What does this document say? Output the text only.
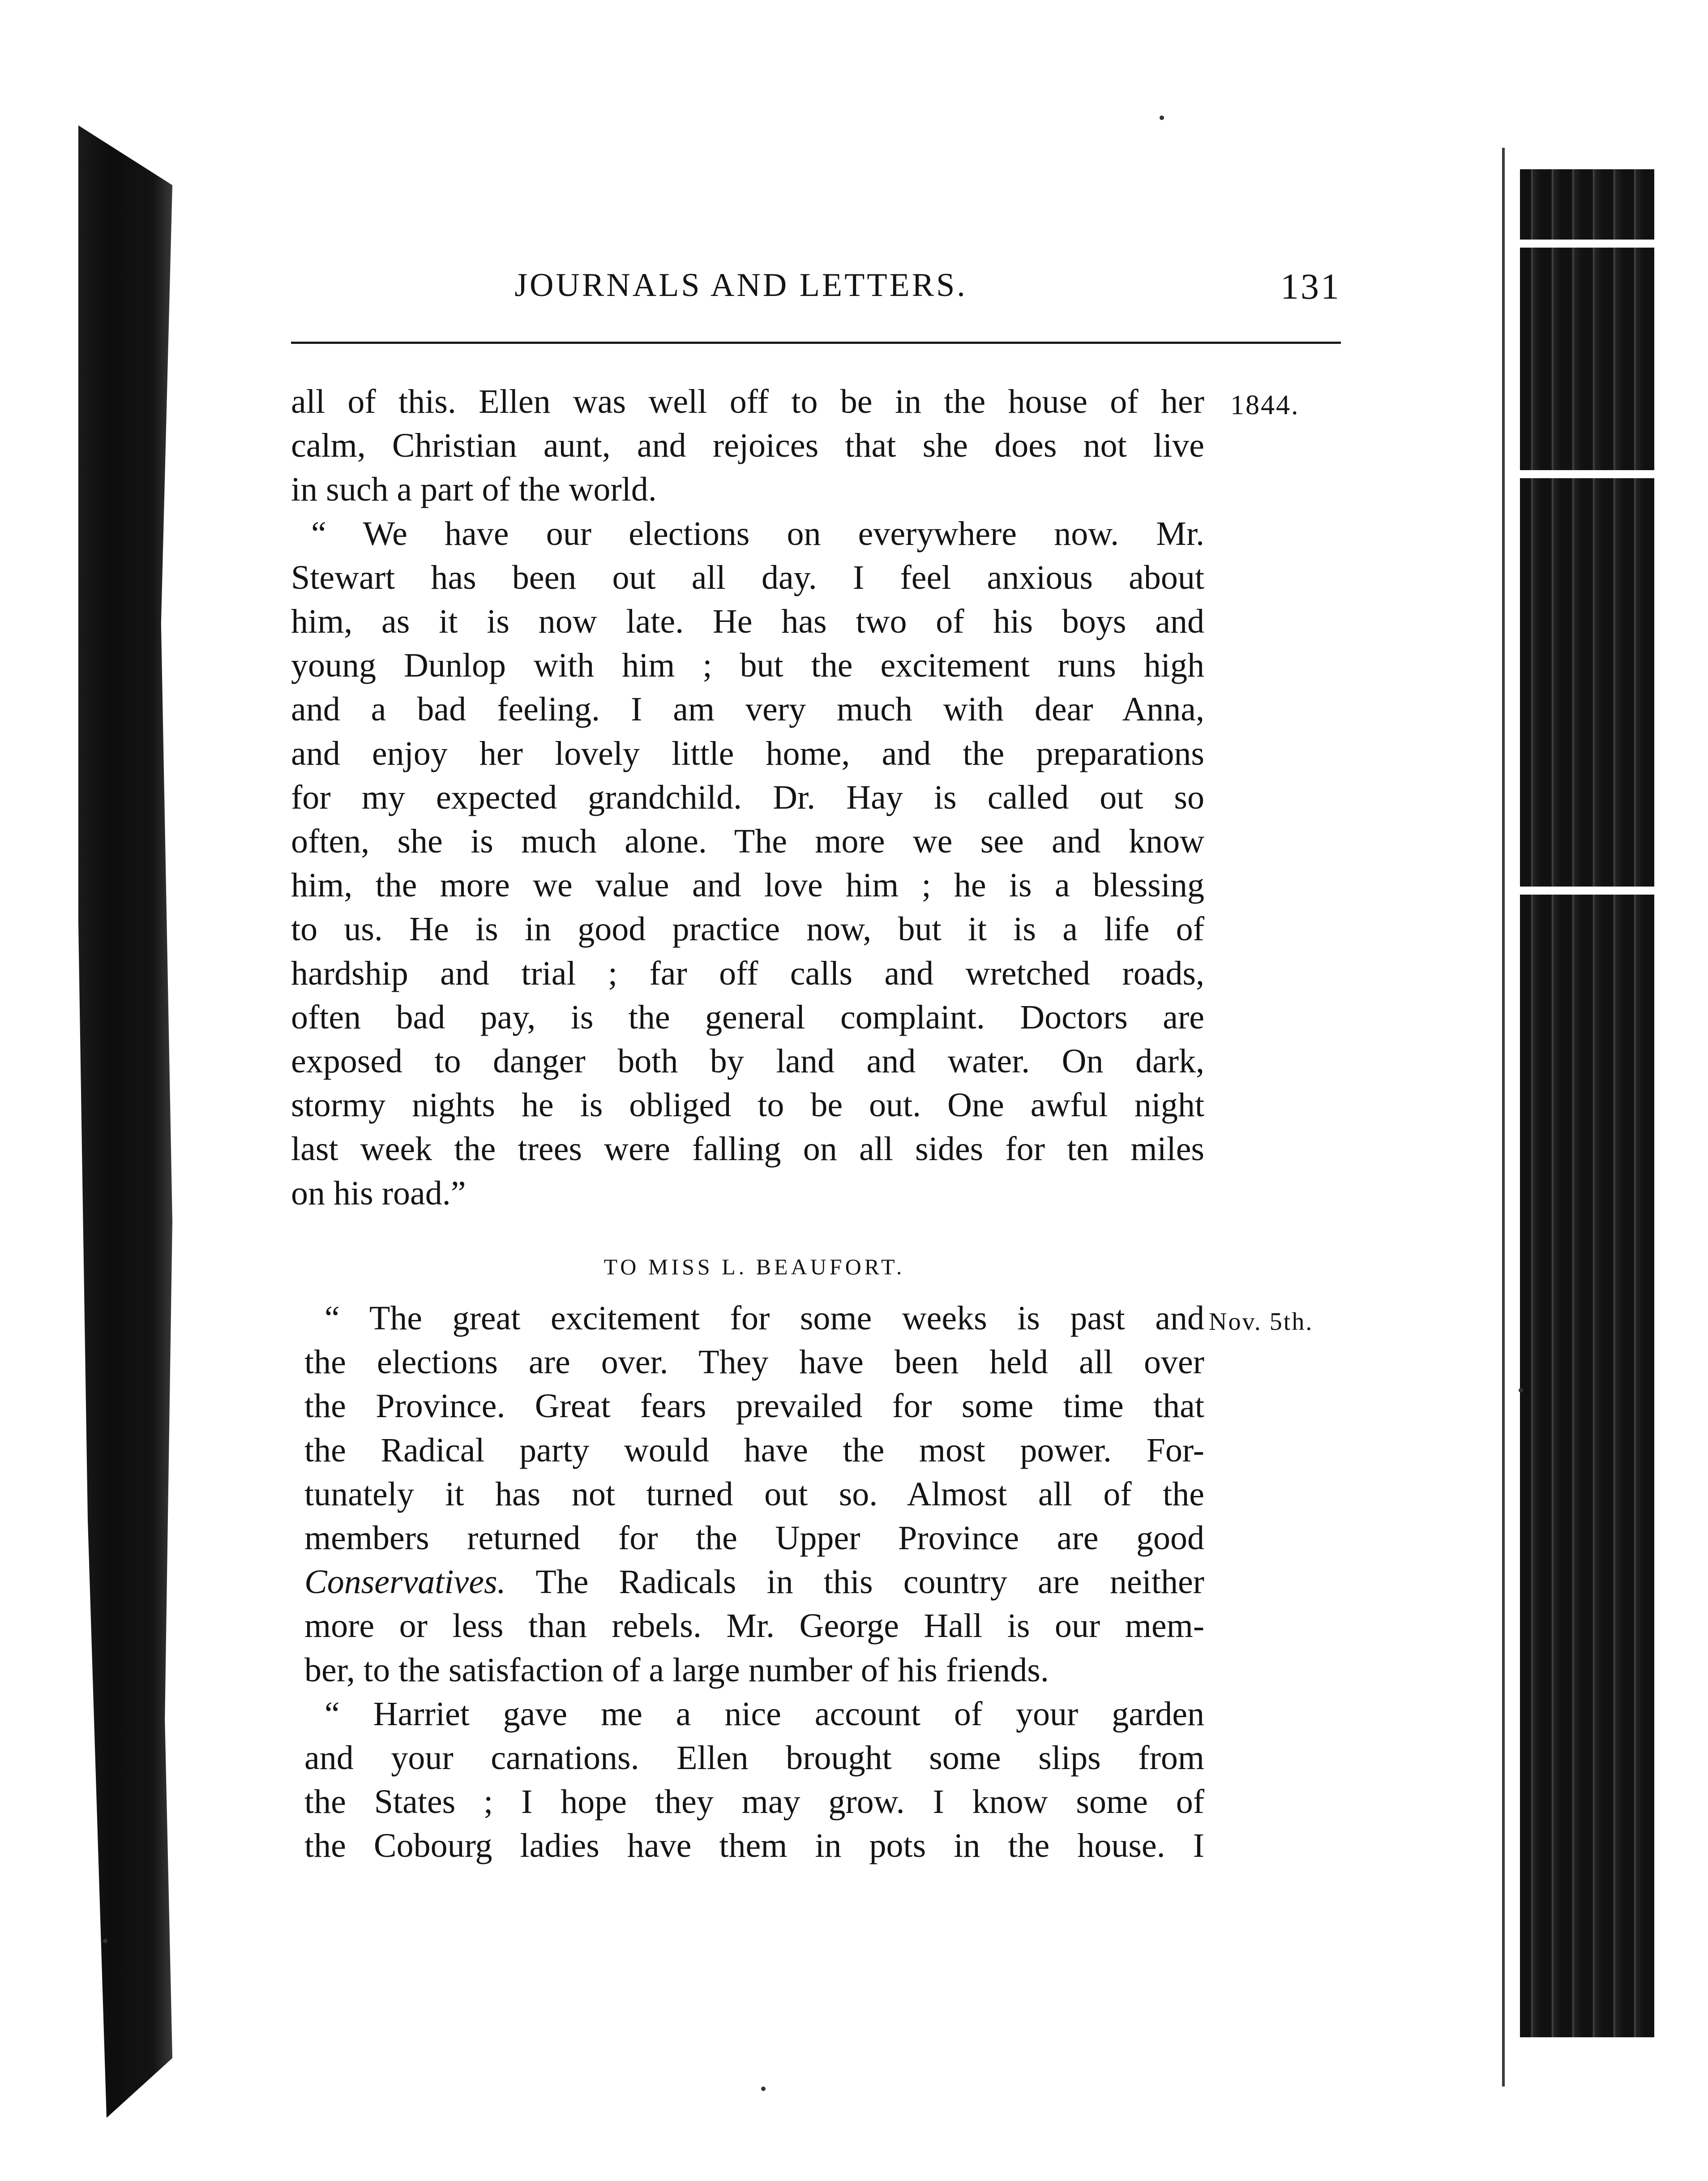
JOURNALS AND LETTERS.	131
1844.
Nov. 5th.
all of this. Ellen was well off to be in the house of her
calm, Christian aunt, and rejoices that she does not live
in such a part of the world.
“ We have our elections on everywhere now. Mr.
Stewart has been out all day. I feel anxious about
him, as it is now late. He has two of his boys and
young Dunlop with him ; but the excitement runs high
and a bad feeling. I am very much with dear Anna,
and enjoy her lovely little home, and the preparations
for my expected grandchild. Dr. Hay is called out so
often, she is much alone. The more we see and know
him, the more we value and love him ; he is a blessing
to us. He is in good practice now, but it is a life of
hardship and trial ; far off calls and wretched roads,
often bad pay, is the general complaint. Doctors are
exposed to danger both by land and water. On dark,
stormy nights he is obliged to be out. One awful night
last week the trees were falling on all sides for ten miles
on his road.”
TO MISS L. BEAUFORT.
“ The great excitement for some weeks is past and
the elections are over. They have been held all over
the Province. Great fears prevailed for some time that
the Radical party would have the most power. For-
tunately it has not turned out so. Almost all of the
members returned for the Upper Province are good
Conservatives. The Radicals in this country are neither
more or less than rebels. Mr. George Hall is our mem-
ber, to the satisfaction of a large number of his friends.
“ Harriet gave me a nice account of your garden
and your carnations. Ellen brought some slips from
the States ; I hope they may grow. I know some of
the Cobourg ladies have them in pots in the house. I
